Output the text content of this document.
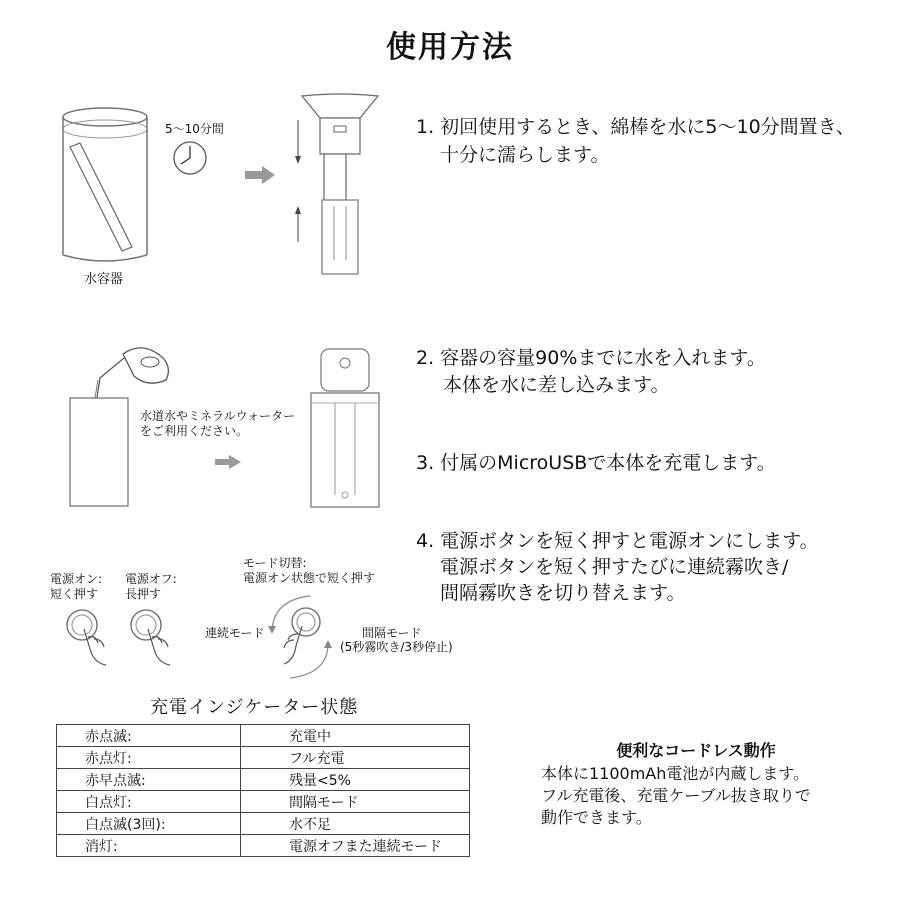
使用方法
5〜10分間
水容器
1. 初回使用するとき、綿棒を水に5〜10分間置き、
十分に濡らします。
水道水やミネラルウォーター
をご利用ください。
2. 容器の容量90%までに水を入れます。
本体を水に差し込みます。
3. 付属のMicroUSBで本体を充電します。
4. 電源ボタンを短く押すと電源オンにします。
電源ボタンを短く押すたびに連続霧吹き/
間隔霧吹きを切り替えます。
電源オン:
短く押す
電源オフ:
長押す
モード切替:
電源オン状態で短く押す
連続モード	間隔モード
(5秒霧吹き/3秒停止)
充電インジケーター状態
赤点滅:	充電中
赤点灯:	フル充電
赤早点滅:	残量<5%
白点灯:	間隔モード
白点滅(3回):	水不足
消灯:	電源オフまた連続モード
便利なコードレス動作
本体に1100mAh電池が内蔵します。
フル充電後、充電ケーブル抜き取りで
動作できます。
